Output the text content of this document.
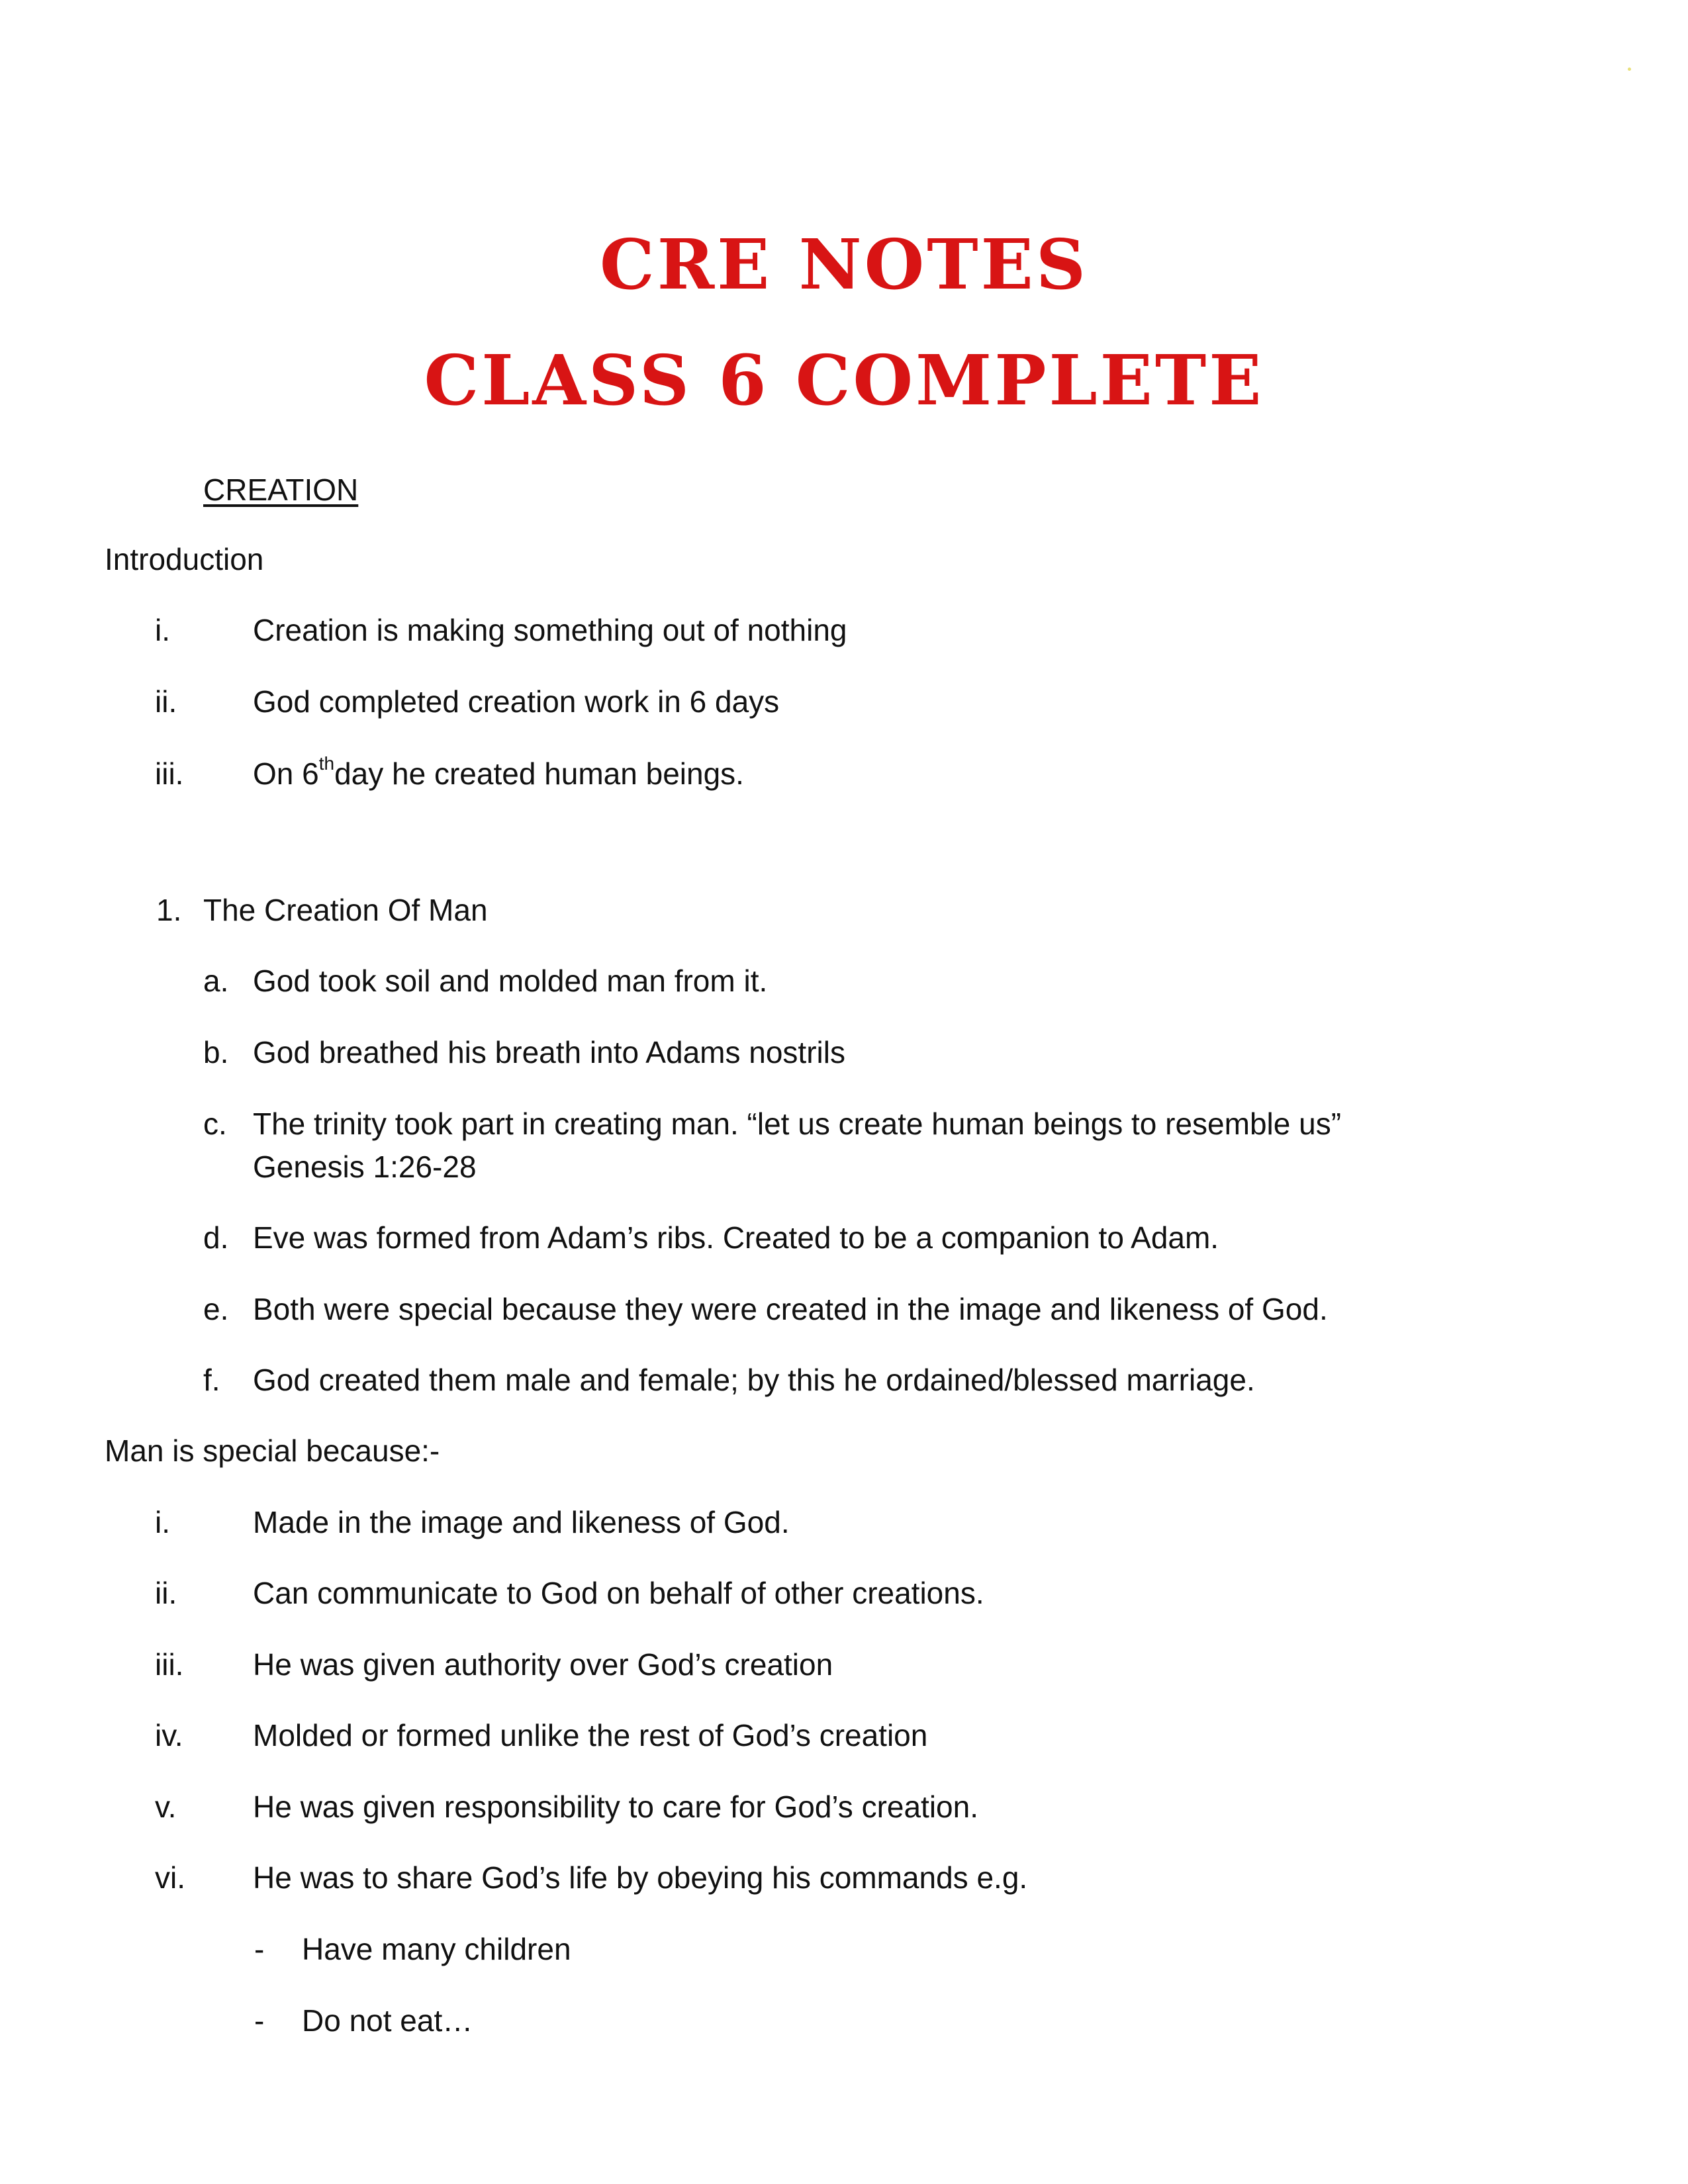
CRE NOTES
CLASS 6 COMPLETE
CREATION
Introduction
i.	Creation is making something out of nothing
ii. God completed creation work in 6 days
iii. On 6thday he created human beings.
1. The Creation Of Man
a. God took soil and molded man from it.
b. God breathed his breath into Adams nostrils
c. The trinity took part in creating man. “let us create human beings to resemble us”
Genesis 1:26-28
d. Eve was formed from Adam’s ribs. Created to be a companion to Adam.
e. Both were special because they were created in the image and likeness of God.
f. God created them male and female; by this he ordained/blessed marriage.
Man is special because:-
i.	Made in the image and likeness of God.
ii. Can communicate to God on behalf of other creations.
iii. He was given authority over God’s creation
iv. Molded or formed unlike the rest of God’s creation
v.	He was given responsibility to care for God’s creation.
vi. He was to share God’s life by obeying his commands e.g.
- Have many children
- Do not eat…
